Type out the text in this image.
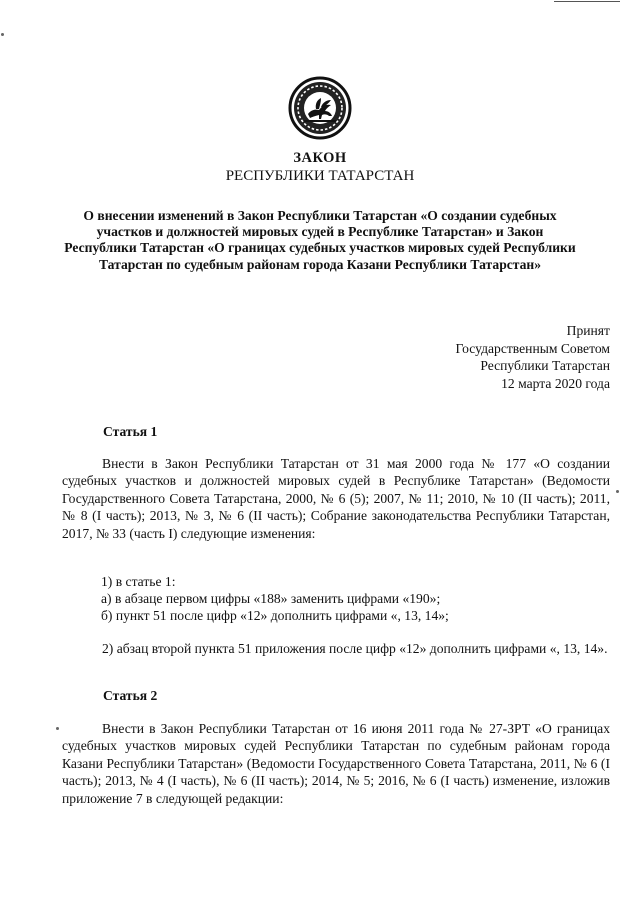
ЗАКОН
РЕСПУБЛИКИ ТАТАРСТАН
О внесении изменений в Закон Республики Татарстан «О создании судебных участков и должностей мировых судей в Республике Татарстан» и Закон Республики Татарстан «О границах судебных участков мировых судей Республики Татарстан по судебным районам города Казани Республики Татарстан»
Принят
Государственным Советом
Республики Татарстан
12 марта 2020 года
Статья 1
Внести в Закон Республики Татарстан от 31 мая 2000 года № 177 «О создании судебных участков и должностей мировых судей в Республике Татарстан» (Ведомости Государственного Совета Татарстана, 2000, № 6 (5); 2007, № 11; 2010, № 10 (II часть); 2011, № 8 (I часть); 2013, № 3, № 6 (II часть); Собрание законодательства Республики Татарстан, 2017, № 33 (часть I) следующие изменения:
1) в статье 1:
а) в абзаце первом цифры «188» заменить цифрами «190»;
б) пункт 51 после цифр «12» дополнить цифрами «, 13, 14»;
2) абзац второй пункта 51 приложения после цифр «12» дополнить цифрами «, 13, 14».
Статья 2
Внести в Закон Республики Татарстан от 16 июня 2011 года № 27-ЗРТ «О границах судебных участков мировых судей Республики Татарстан по судебным районам города Казани Республики Татарстан» (Ведомости Государственного Совета Татарстана, 2011, № 6 (I часть); 2013, № 4 (I часть), № 6 (II часть); 2014, № 5; 2016, № 6 (I часть) изменение, изложив приложение 7 в следующей редакции:
